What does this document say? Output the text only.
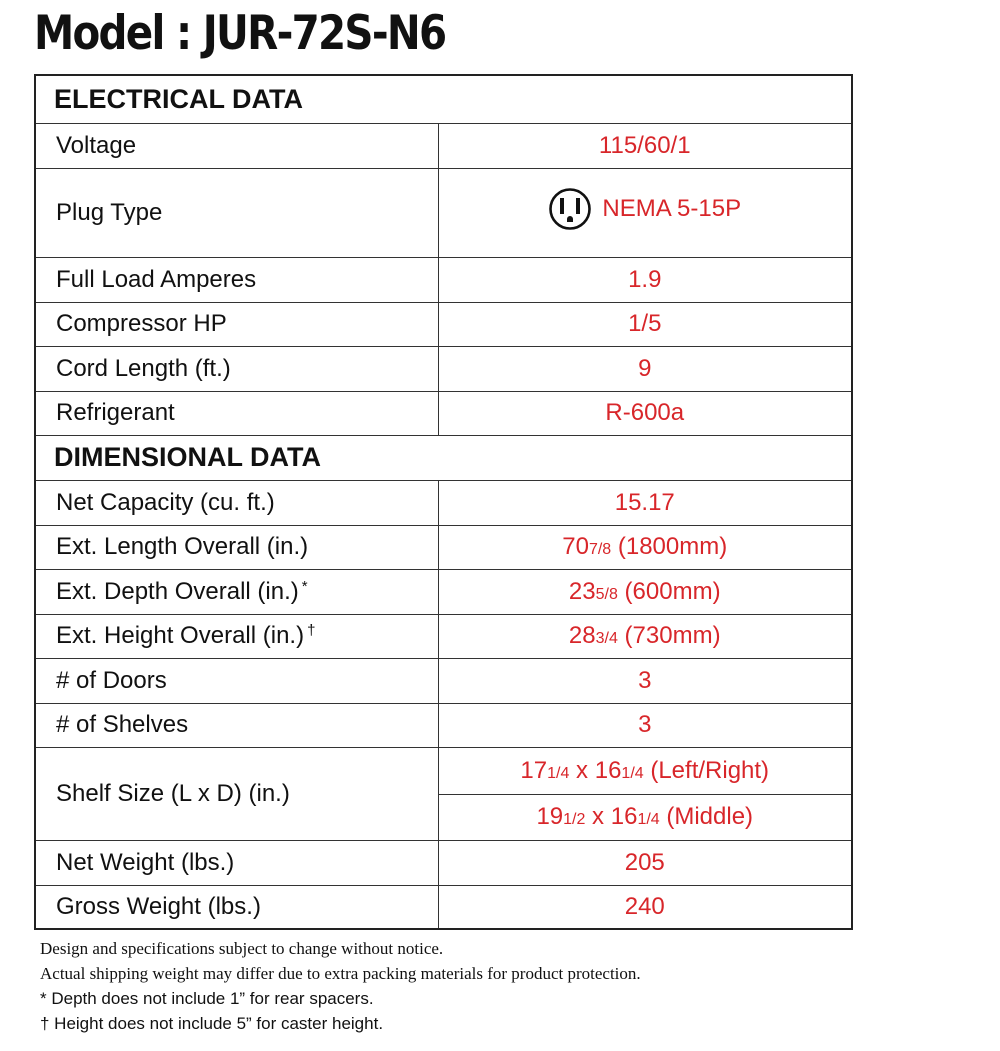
Model : JUR-72S-N6
ELECTRICAL DATA	
Voltage	115/60/1
Plug Type	NEMA 5-15P

Full Load Amperes	1.9
Compressor HP	1/5
Cord Length (ft.)	9
Refrigerant	R-600a
DIMENSIONAL DATA	
Net Capacity (cu. ft.)	15.17
Ext. Length Overall (in.)	707/8 (1800mm)
Ext. Depth Overall (in.) *	235/8 (600mm)
Ext. Height Overall (in.) †	283/4 (730mm)
# of Doors	3
# of Shelves	3
Shelf Size (L x D) (in.)	171/4 x 161/4 (Left/Right)
	191/2 x 161/4 (Middle)
Net Weight (lbs.)	205
Gross Weight (lbs.)	240
Design and specifications subject to change without notice.
Actual shipping weight may differ due to extra packing materials for product protection.
* Depth does not include 1” for rear spacers.
† Height does not include 5” for caster height.
